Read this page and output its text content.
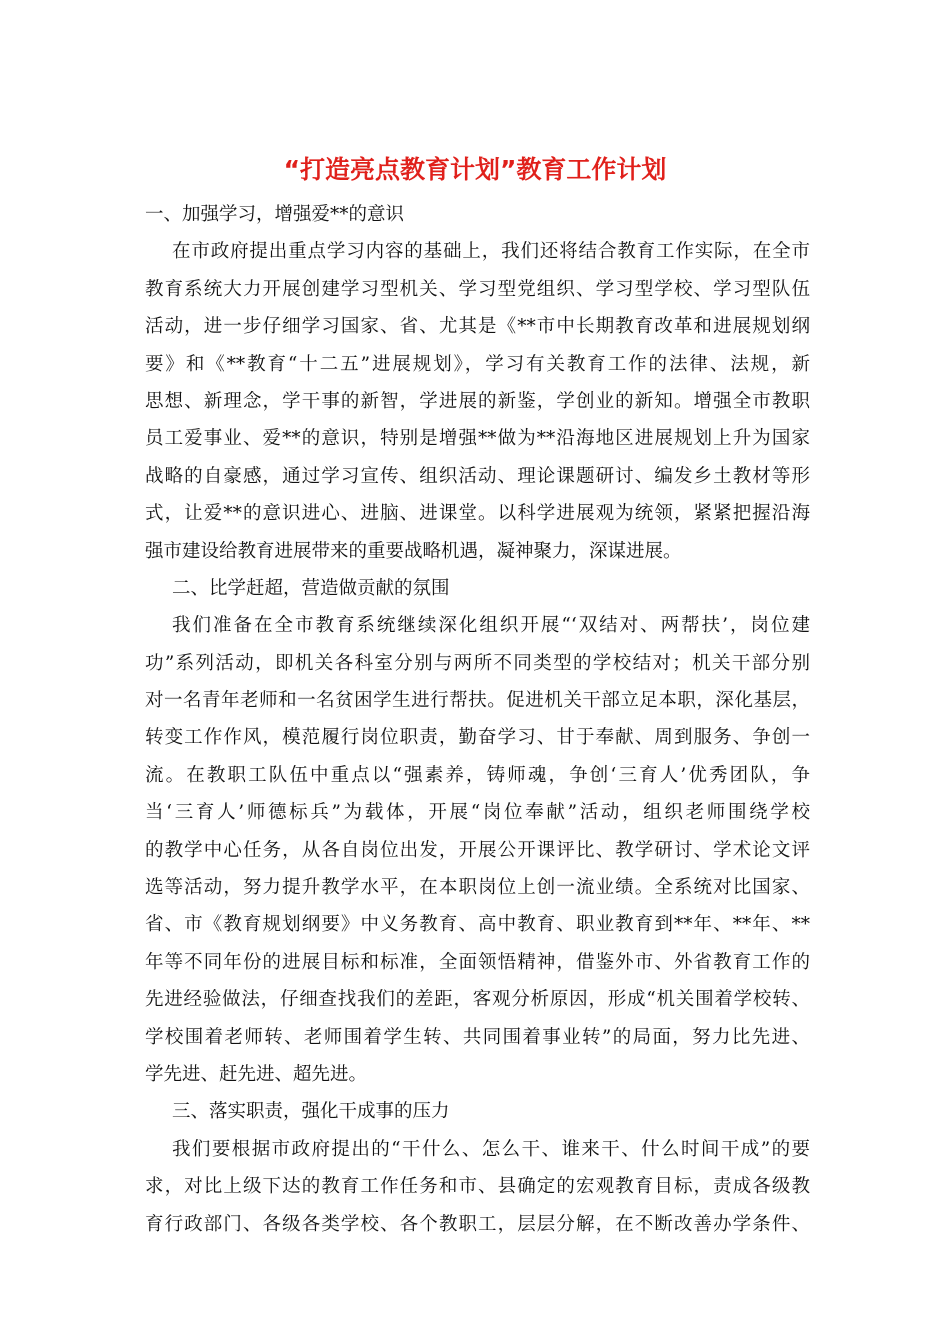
“打造亮点教育计划”教育工作计划
一、加强学习，增强爱**的意识
在市政府提出重点学习内容的基础上，我们还将结合教育工作实际，在全市
教育系统大力开展创建学习型机关、学习型党组织、学习型学校、学习型队伍
活动，进一步仔细学习国家、省、尤其是《**市中长期教育改革和进展规划纲
要》和《**教育“十二五”进展规划》，学习有关教育工作的法律、法规，新
思想、新理念，学干事的新智，学进展的新鉴，学创业的新知。增强全市教职
员工爱事业、爱**的意识，特别是增强**做为**沿海地区进展规划上升为国家
战略的自豪感，通过学习宣传、组织活动、理论课题研讨、编发乡土教材等形
式，让爱**的意识进心、进脑、进课堂。以科学进展观为统领，紧紧把握沿海
强市建设给教育进展带来的重要战略机遇，凝神聚力，深谋进展。
二、比学赶超，营造做贡献的氛围
我们准备在全市教育系统继续深化组织开展“‘双结对、两帮扶’，岗位建
功”系列活动，即机关各科室分别与两所不同类型的学校结对；机关干部分别
对一名青年老师和一名贫困学生进行帮扶。促进机关干部立足本职，深化基层，
转变工作作风，模范履行岗位职责，勤奋学习、甘于奉献、周到服务、争创一
流。在教职工队伍中重点以“强素养，铸师魂，争创‘三育人’优秀团队，争
当‘三育人’师德标兵”为载体，开展“岗位奉献”活动，组织老师围绕学校
的教学中心任务，从各自岗位出发，开展公开课评比、教学研讨、学术论文评
选等活动，努力提升教学水平，在本职岗位上创一流业绩。全系统对比国家、
省、市《教育规划纲要》中义务教育、高中教育、职业教育到**年、**年、**
年等不同年份的进展目标和标准，全面领悟精神，借鉴外市、外省教育工作的
先进经验做法，仔细查找我们的差距，客观分析原因，形成“机关围着学校转、
学校围着老师转、老师围着学生转、共同围着事业转”的局面，努力比先进、
学先进、赶先进、超先进。
三、落实职责，强化干成事的压力
我们要根据市政府提出的“干什么、怎么干、谁来干、什么时间干成”的要
求，对比上级下达的教育工作任务和市、县确定的宏观教育目标，责成各级教
育行政部门、各级各类学校、各个教职工，层层分解，在不断改善办学条件、
